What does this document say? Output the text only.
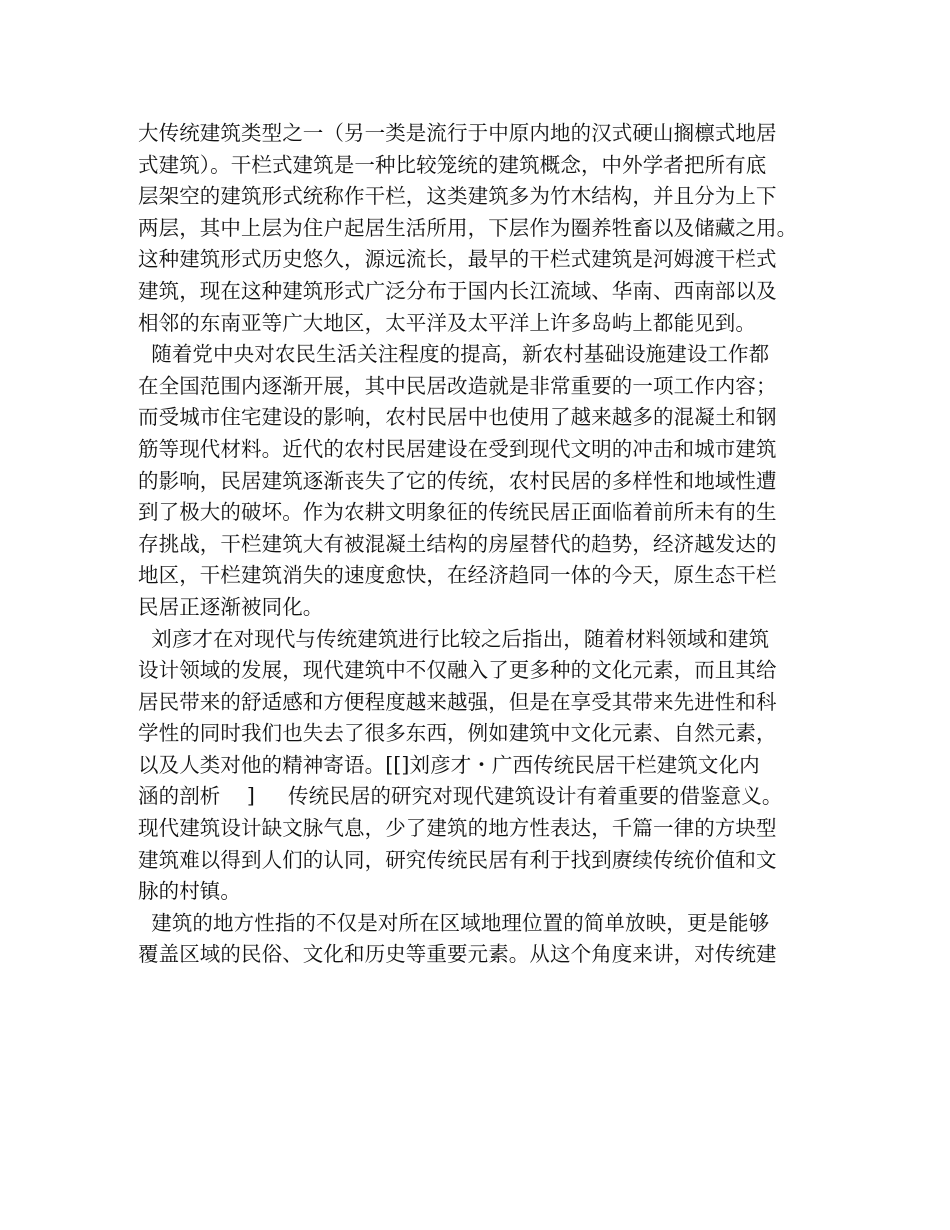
大传统建筑类型之一（另一类是流行于中原内地的汉式硬山搁檩式地居
式建筑）。干栏式建筑是一种比较笼统的建筑概念，中外学者把所有底
层架空的建筑形式统称作干栏，这类建筑多为竹木结构，并且分为上下
两层，其中上层为住户起居生活所用，下层作为圈养牲畜以及储藏之用。
这种建筑形式历史悠久，源远流长，最早的干栏式建筑是河姆渡干栏式
建筑，现在这种建筑形式广泛分布于国内长江流域、华南、西南部以及
相邻的东南亚等广大地区，太平洋及太平洋上许多岛屿上都能见到。
随着党中央对农民生活关注程度的提高，新农村基础设施建设工作都
在全国范围内逐渐开展，其中民居改造就是非常重要的一项工作内容；
而受城市住宅建设的影响，农村民居中也使用了越来越多的混凝土和钢
筋等现代材料。近代的农村民居建设在受到现代文明的冲击和城市建筑
的影响，民居建筑逐渐丧失了它的传统，农村民居的多样性和地域性遭
到了极大的破坏。作为农耕文明象征的传统民居正面临着前所未有的生
存挑战，干栏建筑大有被混凝土结构的房屋替代的趋势，经济越发达的
地区，干栏建筑消失的速度愈快，在经济趋同一体的今天，原生态干栏
民居正逐渐被同化。
刘彦才在对现代与传统建筑进行比较之后指出，随着材料领域和建筑
设计领域的发展，现代建筑中不仅融入了更多种的文化元素，而且其给
居民带来的舒适感和方便程度越来越强，但是在享受其带来先进性和科
学性的同时我们也失去了很多东西，例如建筑中文化元素、自然元素，
以及人类对他的精神寄语。[[]刘彦才・广西传统民居干栏建筑文化内
涵的剖析    ]     传统民居的研究对现代建筑设计有着重要的借鉴意义。
现代建筑设计缺文脉气息，少了建筑的地方性表达，千篇一律的方块型
建筑难以得到人们的认同，研究传统民居有利于找到赓续传统价值和文
脉的村镇。
建筑的地方性指的不仅是对所在区域地理位置的简单放映，更是能够
覆盖区域的民俗、文化和历史等重要元素。从这个角度来讲，对传统建
